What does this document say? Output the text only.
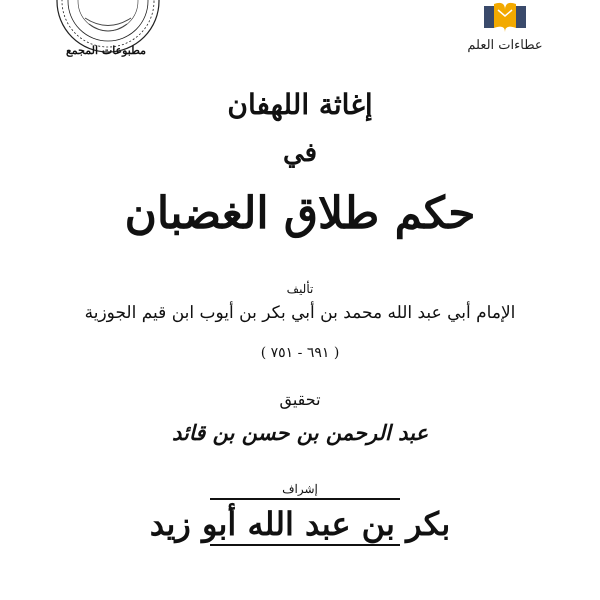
مطبوعات المجمع	عطاءات العلم
إغاثة اللهفان
في
حكم طلاق الغضبان
تأليف
الإمام أبي عبد الله محمد بن أبي بكر بن أيوب ابن قيم الجوزية
( ٦٩١ - ٧٥١ )
تحقيق
عبد الرحمن بن حسن بن قائد
إشراف
بكر بن عبد الله أبو زيد
